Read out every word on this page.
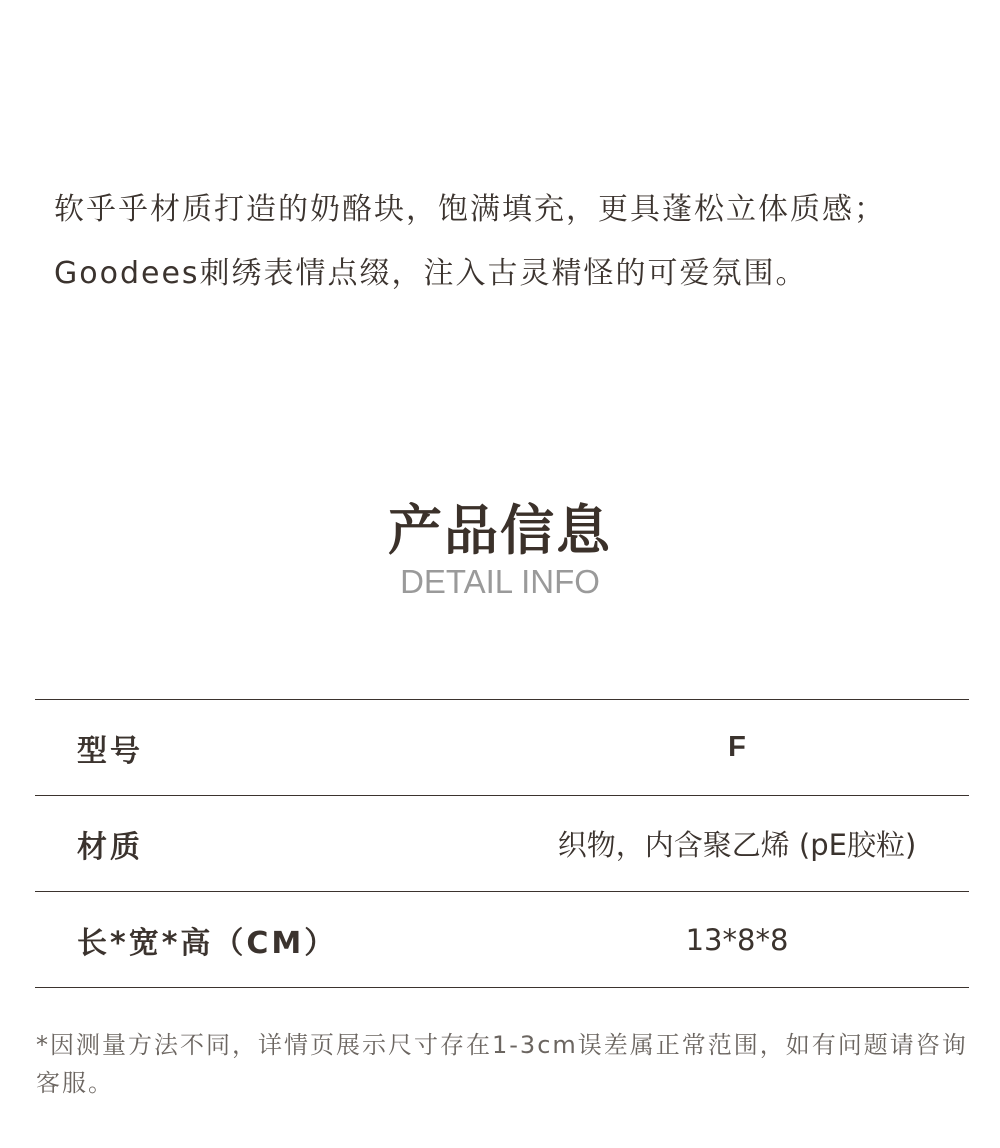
软乎乎材质打造的奶酪块，饱满填充，更具蓬松立体质感；

Goodees刺绣表情点缀，注入古灵精怪的可爱氛围。

产品信息
DETAIL INFO
型号	F
材质	织物，内含聚乙烯 (pE胶粒)
长*宽*高（CM）	13*8*8
*因测量方法不同，详情页展示尺寸存在1-3cm误差属正常范围，如有问题请咨询客服。
